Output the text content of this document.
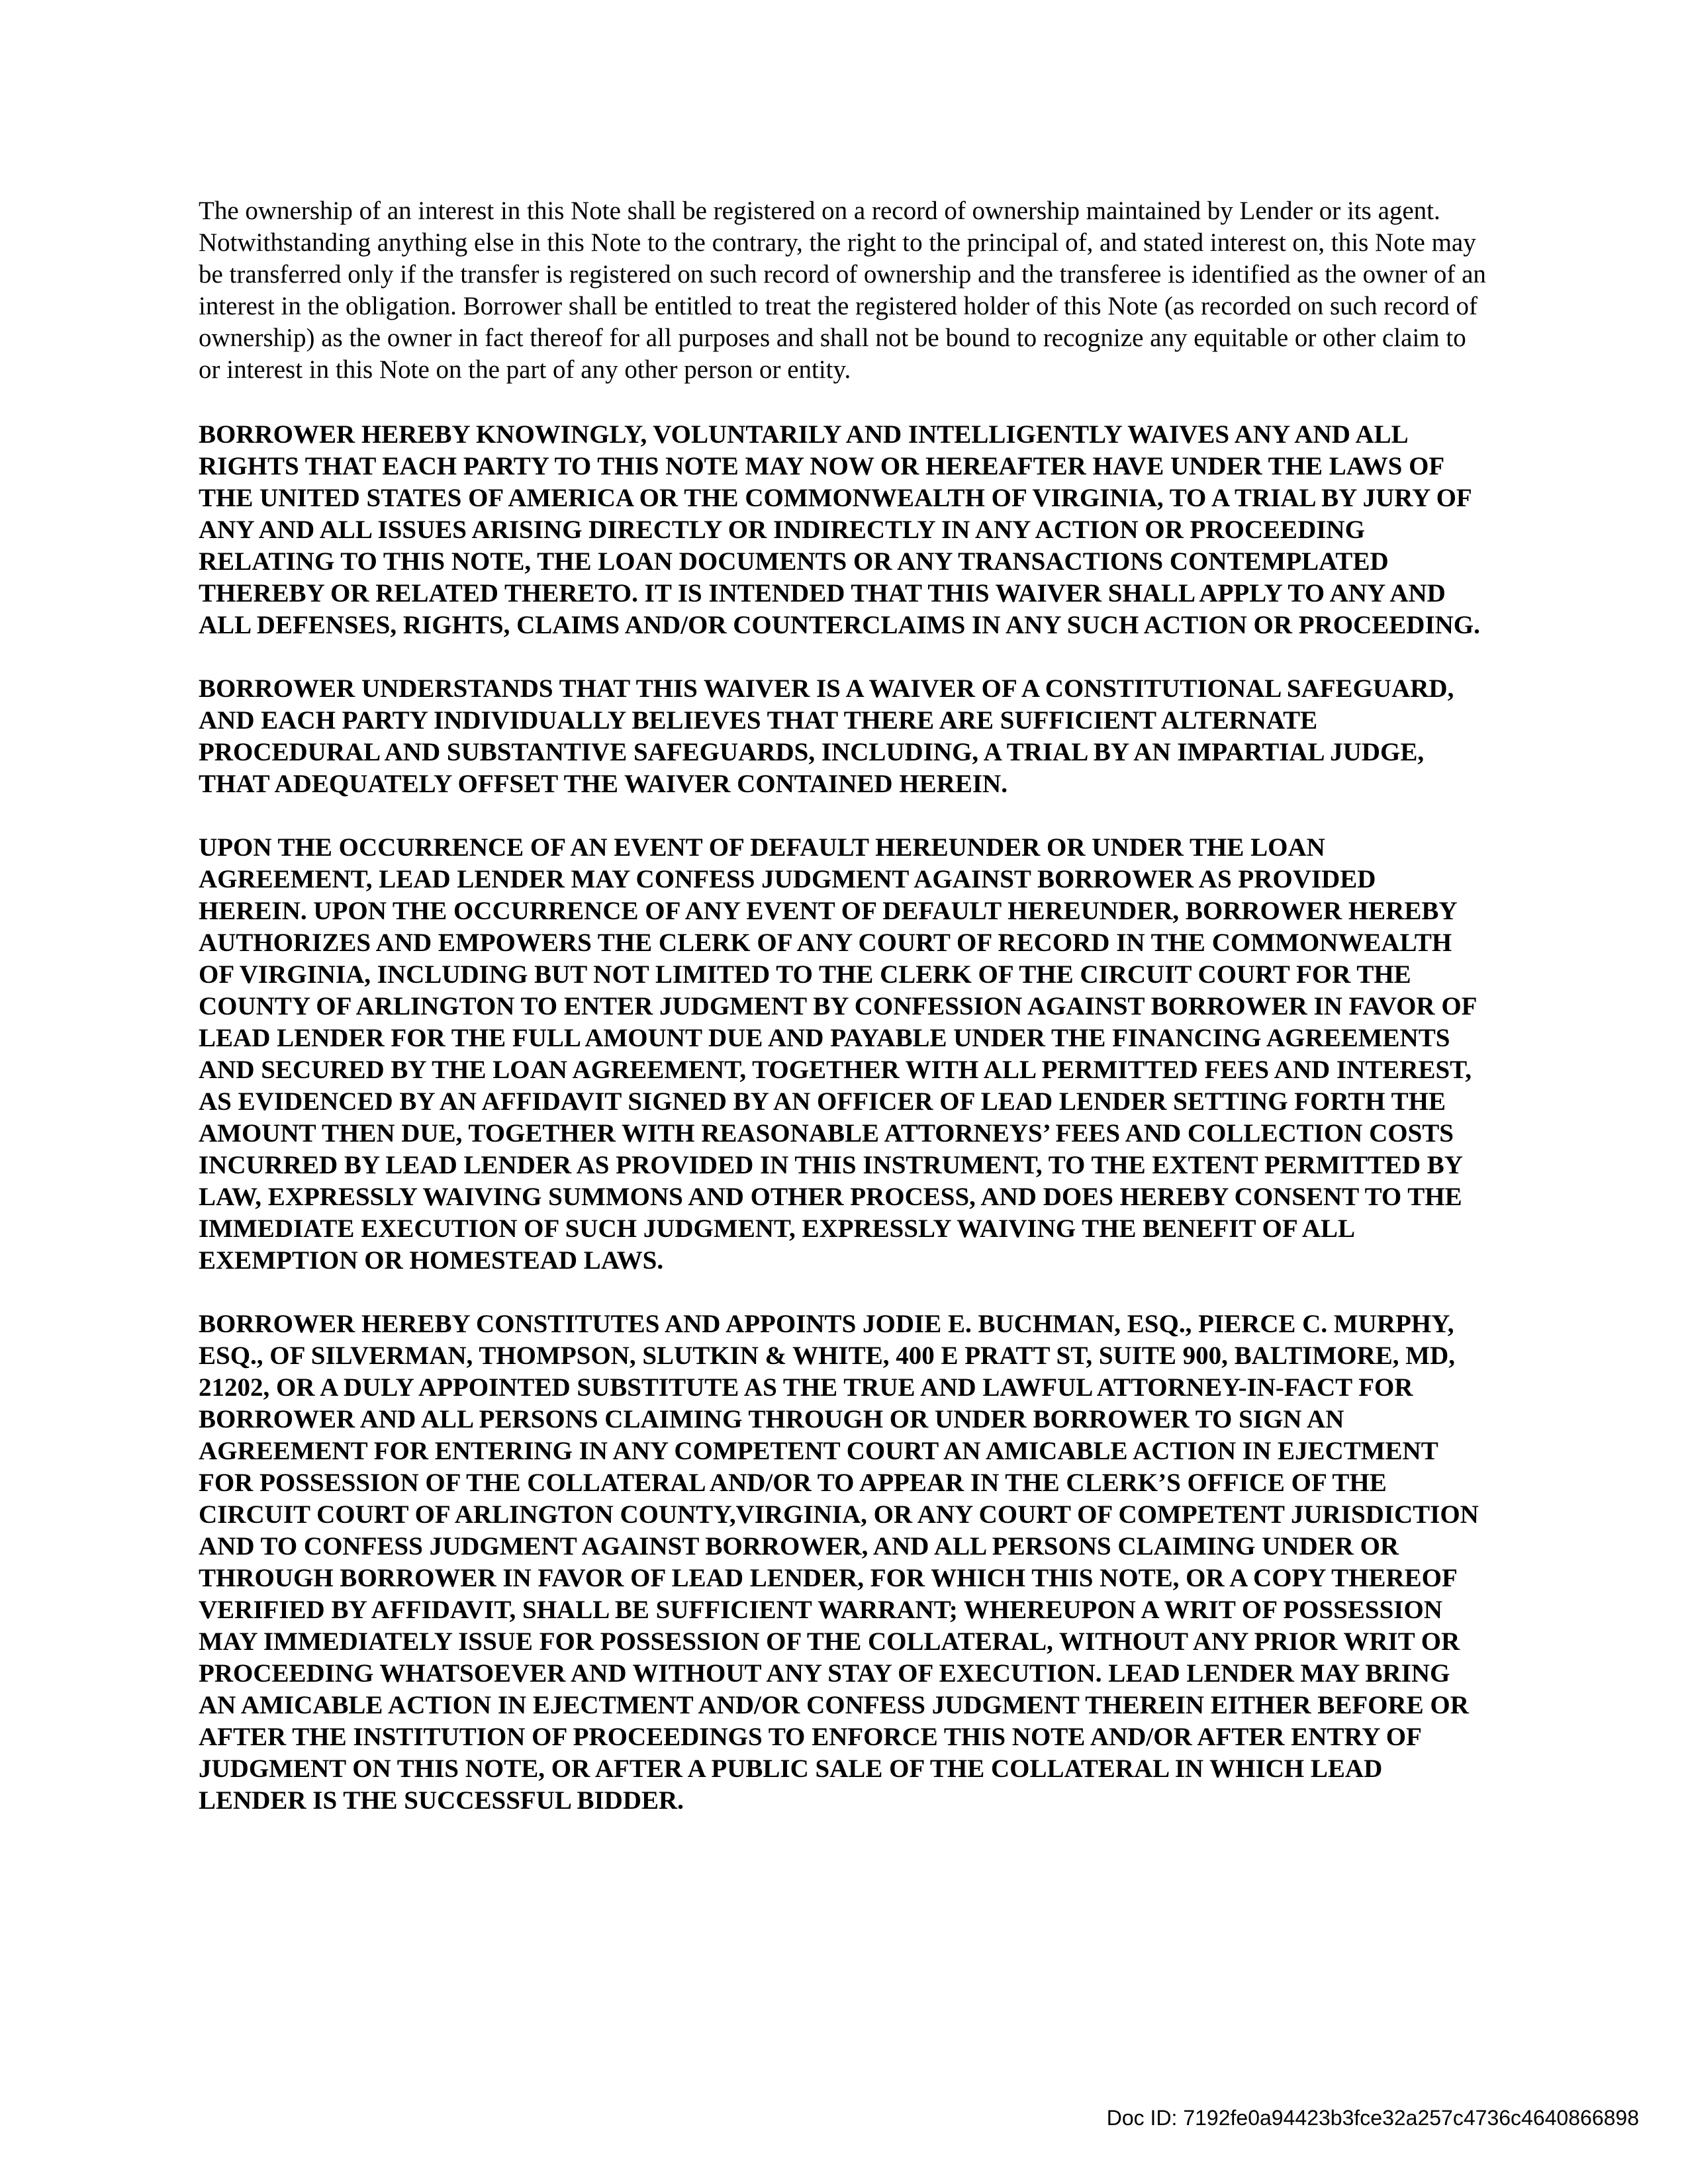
The ownership of an interest in this Note shall be registered on a record of ownership maintained by Lender or its agent. Notwithstanding anything else in this Note to the contrary, the right to the principal of, and stated interest on, this Note may be transferred only if the transfer is registered on such record of ownership and the transferee is identified as the owner of an interest in the obligation. Borrower shall be entitled to treat the registered holder of this Note (as recorded on such record of ownership) as the owner in fact thereof for all purposes and shall not be bound to recognize any equitable or other claim to or interest in this Note on the part of any other person or entity.

BORROWER HEREBY KNOWINGLY, VOLUNTARILY AND INTELLIGENTLY WAIVES ANY AND ALL RIGHTS THAT EACH PARTY TO THIS NOTE MAY NOW OR HEREAFTER HAVE UNDER THE LAWS OF THE UNITED STATES OF AMERICA OR THE COMMONWEALTH OF VIRGINIA, TO A TRIAL BY JURY OF ANY AND ALL ISSUES ARISING DIRECTLY OR INDIRECTLY IN ANY ACTION OR PROCEEDING RELATING TO THIS NOTE, THE LOAN DOCUMENTS OR ANY TRANSACTIONS CONTEMPLATED THEREBY OR RELATED THERETO. IT IS INTENDED THAT THIS WAIVER SHALL APPLY TO ANY AND ALL DEFENSES, RIGHTS, CLAIMS AND/OR COUNTERCLAIMS IN ANY SUCH ACTION OR PROCEEDING.

BORROWER UNDERSTANDS THAT THIS WAIVER IS A WAIVER OF A CONSTITUTIONAL SAFEGUARD, AND EACH PARTY INDIVIDUALLY BELIEVES THAT THERE ARE SUFFICIENT ALTERNATE PROCEDURAL AND SUBSTANTIVE SAFEGUARDS, INCLUDING, A TRIAL BY AN IMPARTIAL JUDGE, THAT ADEQUATELY OFFSET THE WAIVER CONTAINED HEREIN.

UPON THE OCCURRENCE OF AN EVENT OF DEFAULT HEREUNDER OR UNDER THE LOAN AGREEMENT, LEAD LENDER MAY CONFESS JUDGMENT AGAINST BORROWER AS PROVIDED HEREIN. UPON THE OCCURRENCE OF ANY EVENT OF DEFAULT HEREUNDER, BORROWER HEREBY AUTHORIZES AND EMPOWERS THE CLERK OF ANY COURT OF RECORD IN THE COMMONWEALTH OF VIRGINIA, INCLUDING BUT NOT LIMITED TO THE CLERK OF THE CIRCUIT COURT FOR THE COUNTY OF ARLINGTON TO ENTER JUDGMENT BY CONFESSION AGAINST BORROWER IN FAVOR OF LEAD LENDER FOR THE FULL AMOUNT DUE AND PAYABLE UNDER THE FINANCING AGREEMENTS AND SECURED BY THE LOAN AGREEMENT, TOGETHER WITH ALL PERMITTED FEES AND INTEREST, AS EVIDENCED BY AN AFFIDAVIT SIGNED BY AN OFFICER OF LEAD LENDER SETTING FORTH THE AMOUNT THEN DUE, TOGETHER WITH REASONABLE ATTORNEYS’ FEES AND COLLECTION COSTS INCURRED BY LEAD LENDER AS PROVIDED IN THIS INSTRUMENT, TO THE EXTENT PERMITTED BY LAW, EXPRESSLY WAIVING SUMMONS AND OTHER PROCESS, AND DOES HEREBY CONSENT TO THE IMMEDIATE EXECUTION OF SUCH JUDGMENT, EXPRESSLY WAIVING THE BENEFIT OF ALL EXEMPTION OR HOMESTEAD LAWS.

BORROWER HEREBY CONSTITUTES AND APPOINTS JODIE E. BUCHMAN, ESQ., PIERCE C. MURPHY, ESQ., OF SILVERMAN, THOMPSON, SLUTKIN & WHITE, 400 E PRATT ST, SUITE 900, BALTIMORE, MD, 21202, OR A DULY APPOINTED SUBSTITUTE AS THE TRUE AND LAWFUL ATTORNEY-IN-FACT FOR BORROWER AND ALL PERSONS CLAIMING THROUGH OR UNDER BORROWER TO SIGN AN AGREEMENT FOR ENTERING IN ANY COMPETENT COURT AN AMICABLE ACTION IN EJECTMENT FOR POSSESSION OF THE COLLATERAL AND/OR TO APPEAR IN THE CLERK’S OFFICE OF THE CIRCUIT COURT OF ARLINGTON COUNTY,VIRGINIA, OR ANY COURT OF COMPETENT JURISDICTION AND TO CONFESS JUDGMENT AGAINST BORROWER, AND ALL PERSONS CLAIMING UNDER OR THROUGH BORROWER IN FAVOR OF LEAD LENDER, FOR WHICH THIS NOTE, OR A COPY THEREOF VERIFIED BY AFFIDAVIT, SHALL BE SUFFICIENT WARRANT; WHEREUPON A WRIT OF POSSESSION MAY IMMEDIATELY ISSUE FOR POSSESSION OF THE COLLATERAL, WITHOUT ANY PRIOR WRIT OR PROCEEDING WHATSOEVER AND WITHOUT ANY STAY OF EXECUTION. LEAD LENDER MAY BRING AN AMICABLE ACTION IN EJECTMENT AND/OR CONFESS JUDGMENT THEREIN EITHER BEFORE OR AFTER THE INSTITUTION OF PROCEEDINGS TO ENFORCE THIS NOTE AND/OR AFTER ENTRY OF JUDGMENT ON THIS NOTE, OR AFTER A PUBLIC SALE OF THE COLLATERAL IN WHICH LEAD LENDER IS THE SUCCESSFUL BIDDER.

Doc ID: 7192fe0a94423b3fce32a257c4736c4640866898
